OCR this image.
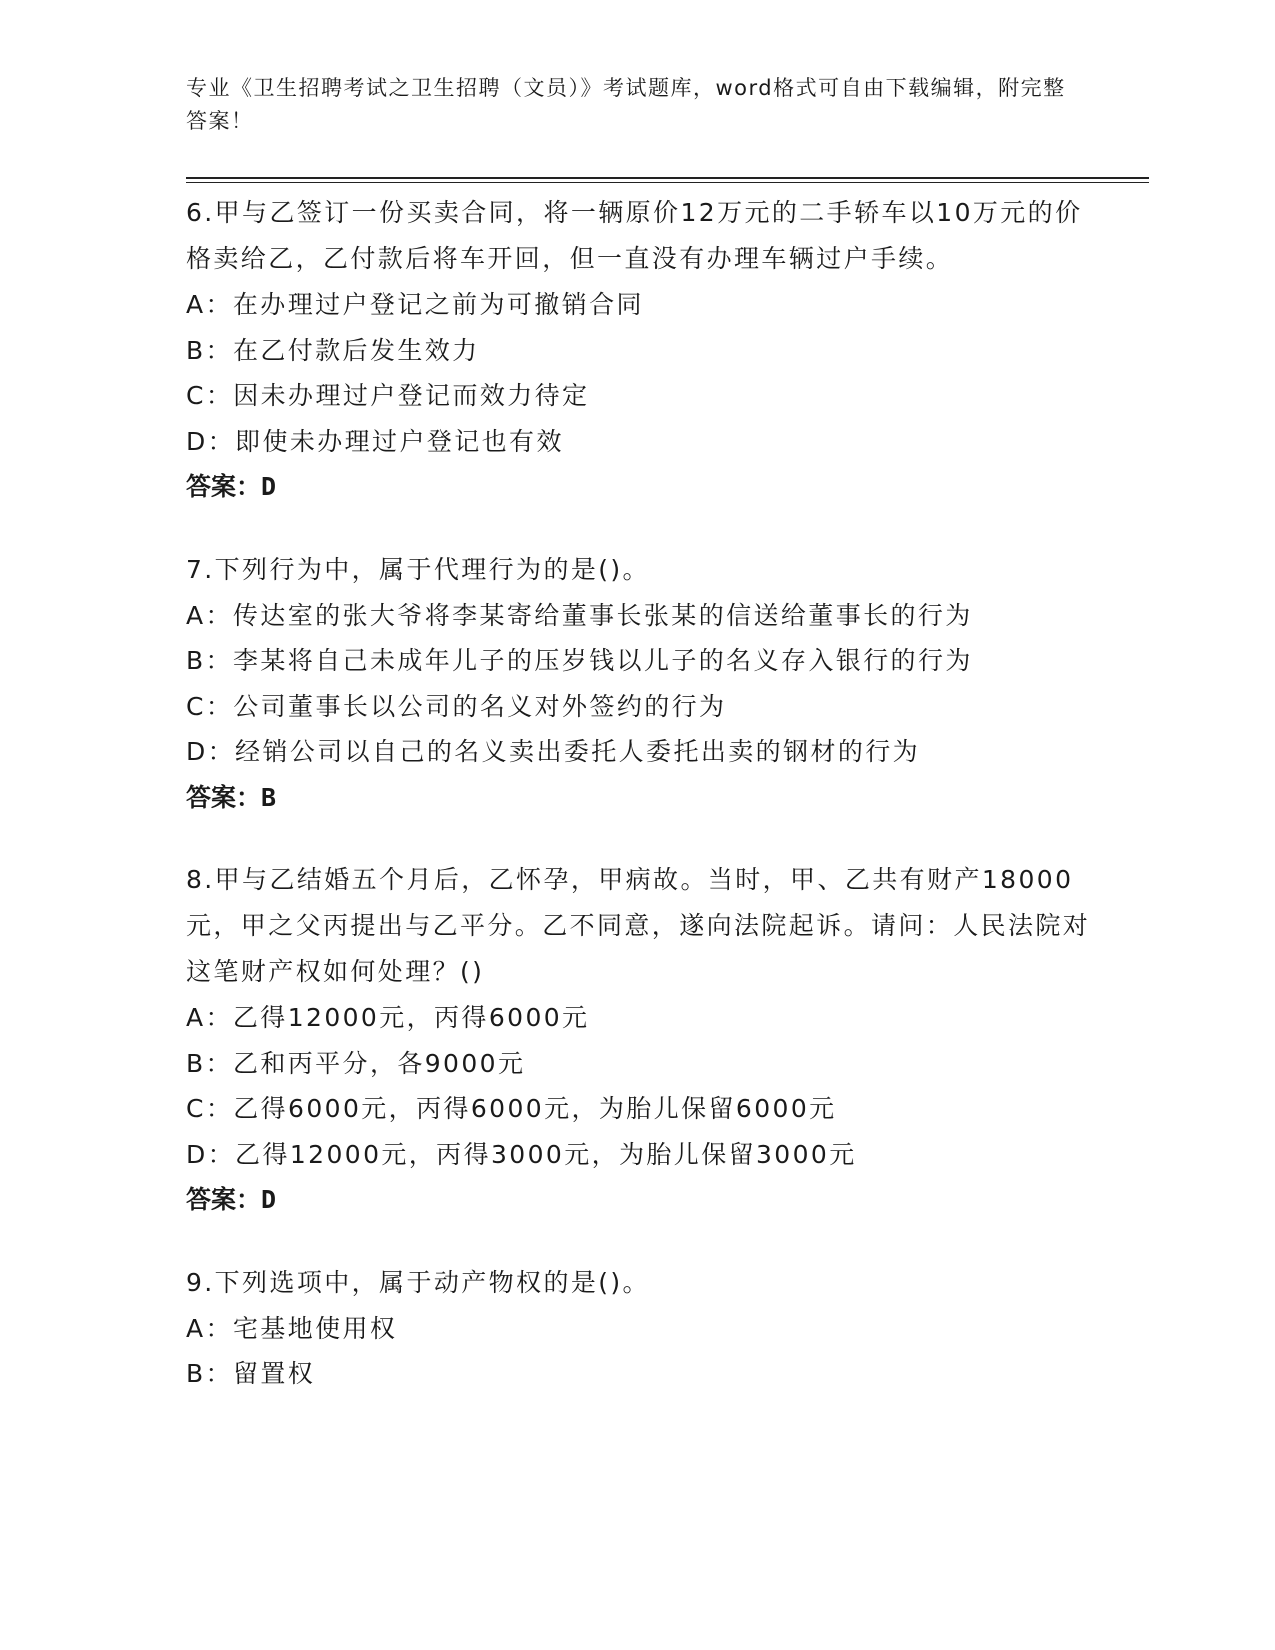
专业《卫生招聘考试之卫生招聘（文员）》考试题库，word格式可自由下载编辑，附完整答案！

6.甲与乙签订一份买卖合同，将一辆原价12万元的二手轿车以10万元的价格卖给乙，乙付款后将车开回，但一直没有办理车辆过户手续。

A：在办理过户登记之前为可撤销合同

B：在乙付款后发生效力

C：因未办理过户登记而效力待定

D：即使未办理过户登记也有效

答案：D

7.下列行为中，属于代理行为的是()。

A：传达室的张大爷将李某寄给董事长张某的信送给董事长的行为

B：李某将自己未成年儿子的压岁钱以儿子的名义存入银行的行为

C：公司董事长以公司的名义对外签约的行为

D：经销公司以自己的名义卖出委托人委托出卖的钢材的行为

答案：B

8.甲与乙结婚五个月后，乙怀孕，甲病故。当时，甲、乙共有财产18000元，甲之父丙提出与乙平分。乙不同意，遂向法院起诉。请问：人民法院对这笔财产权如何处理？()

A：乙得12000元，丙得6000元

B：乙和丙平分，各9000元

C：乙得6000元，丙得6000元，为胎儿保留6000元

D：乙得12000元，丙得3000元，为胎儿保留3000元

答案：D

9.下列选项中，属于动产物权的是()。

A：宅基地使用权

B：留置权
